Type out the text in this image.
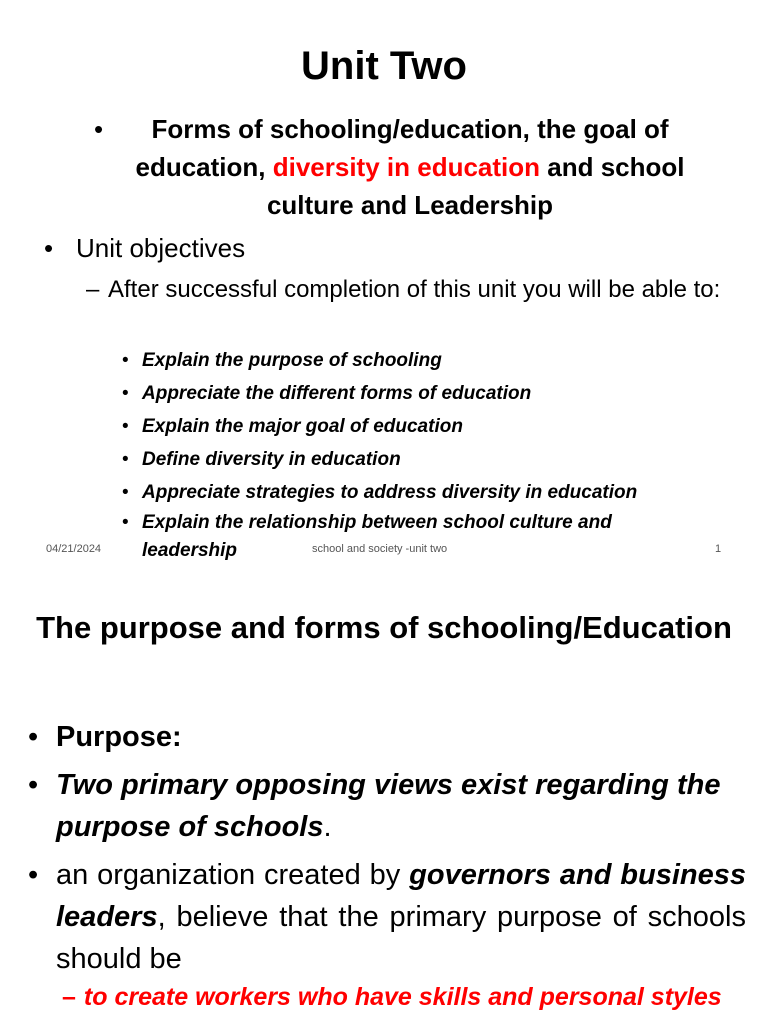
Unit Two
• Forms of schooling/education, the goal of education, diversity in education and school culture and Leadership
• Unit objectives
– After successful completion of this unit you will be able to:
• Explain the purpose of schooling
• Appreciate the different forms of education
• Explain the major goal of education
• Define diversity in education
• Appreciate strategies to address diversity in education
• Explain the relationship between school culture and leadership
04/21/2024	school and society -unit two	1
The purpose and forms of schooling/Education
• Purpose:
• Two primary opposing views exist regarding the purpose of schools.
• an organization created by governors and business leaders, believe that the primary purpose of schools should be
– to create workers who have skills and personal styles
